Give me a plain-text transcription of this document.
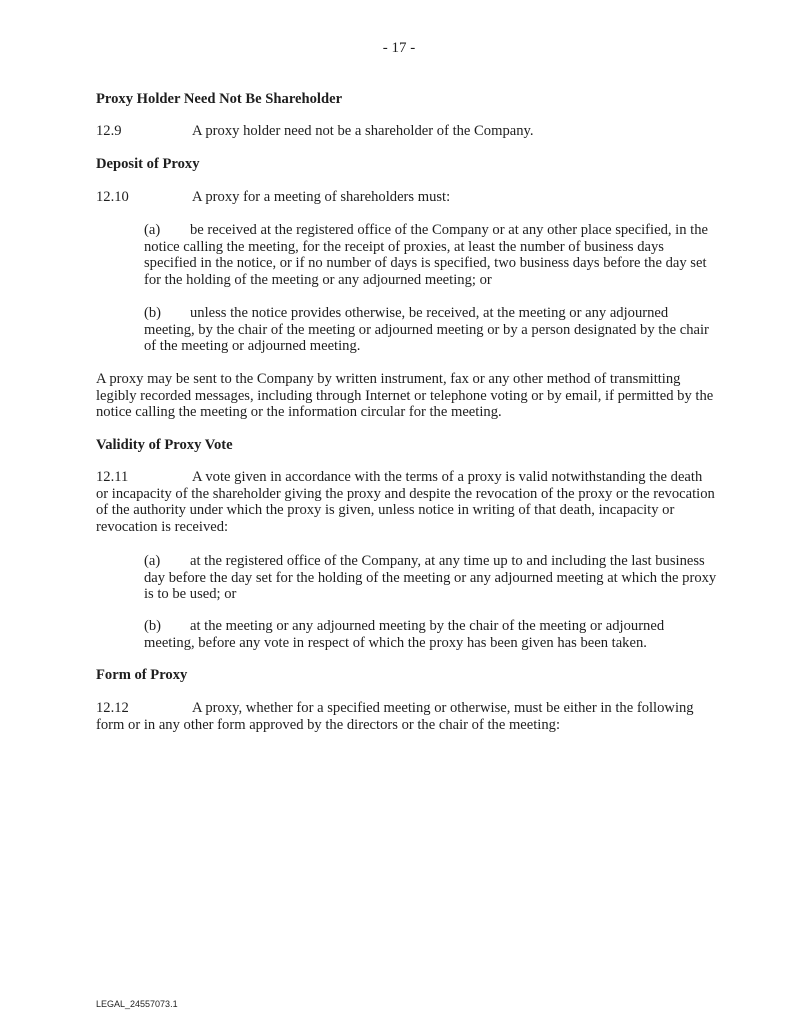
- 17 -
Proxy Holder Need Not Be Shareholder
12.9	A proxy holder need not be a shareholder of the Company.
Deposit of Proxy
12.10	A proxy for a meeting of shareholders must:
(a) be received at the registered office of the Company or at any other place specified, in the notice calling the meeting, for the receipt of proxies, at least the number of business days specified in the notice, or if no number of days is specified, two business days before the day set for the holding of the meeting or any adjourned meeting; or
(b) unless the notice provides otherwise, be received, at the meeting or any adjourned meeting, by the chair of the meeting or adjourned meeting or by a person designated by the chair of the meeting or adjourned meeting.
A proxy may be sent to the Company by written instrument, fax or any other method of transmitting legibly recorded messages, including through Internet or telephone voting or by email, if permitted by the notice calling the meeting or the information circular for the meeting.
Validity of Proxy Vote
12.11	A vote given in accordance with the terms of a proxy is valid notwithstanding the death or incapacity of the shareholder giving the proxy and despite the revocation of the proxy or the revocation of the authority under which the proxy is given, unless notice in writing of that death, incapacity or revocation is received:
(a) at the registered office of the Company, at any time up to and including the last business day before the day set for the holding of the meeting or any adjourned meeting at which the proxy is to be used; or
(b) at the meeting or any adjourned meeting by the chair of the meeting or adjourned meeting, before any vote in respect of which the proxy has been given has been taken.
Form of Proxy
12.12	A proxy, whether for a specified meeting or otherwise, must be either in the following form or in any other form approved by the directors or the chair of the meeting:
LEGAL_24557073.1
